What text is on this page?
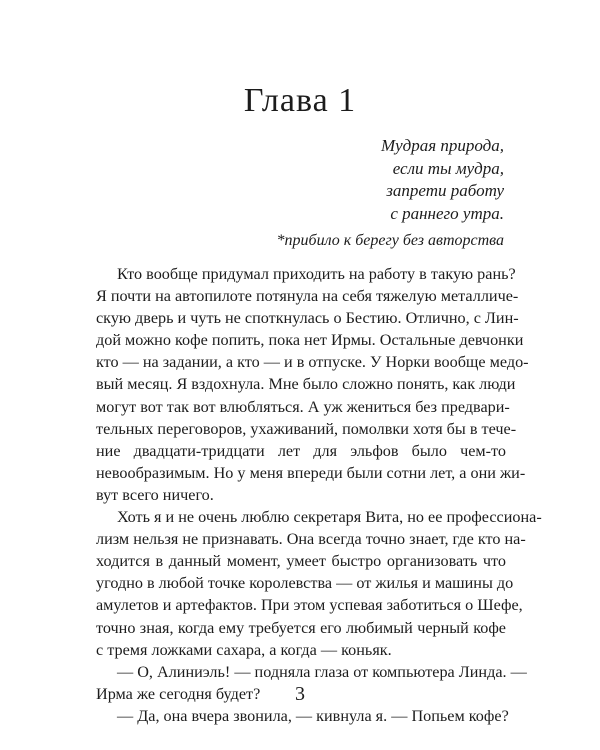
Глава 1
Мудрая природа,
если ты мудра,
запрети работу
с раннего утра.
*прибило к берегу без авторства
Кто вообще придумал приходить на работу в такую рань?
Я почти на автопилоте потянула на себя тяжелую металличе-
скую дверь и чуть не споткнулась о Бестию. Отлично, с Лин-
дой можно кофе попить, пока нет Ирмы. Остальные девчонки
кто — на задании, а кто — и в отпуске. У Норки вообще медо-
вый месяц. Я вздохнула. Мне было сложно понять, как люди
могут вот так вот влюбляться. А уж жениться без предвари-
тельных переговоров, ухаживаний, помолвки хотя бы в тече-
ние двадцати-тридцати лет для эльфов было чем-то
невообразимым. Но у меня впереди были сотни лет, а они жи-
вут всего ничего.
Хоть я и не очень люблю секретаря Вита, но ее профессиона-
лизм нельзя не признавать. Она всегда точно знает, где кто на-
ходится в данный момент, умеет быстро организовать что
угодно в любой точке королевства — от жилья и машины до
амулетов и артефактов. При этом успевая заботиться о Шефе,
точно зная, когда ему требуется его любимый черный кофе
с тремя ложками сахара, а когда — коньяк.
— О, Алиниэль! — подняла глаза от компьютера Линда. —
Ирма же сегодня будет?
— Да, она вчера звонила, — кивнула я. — Попьем кофе?
3
